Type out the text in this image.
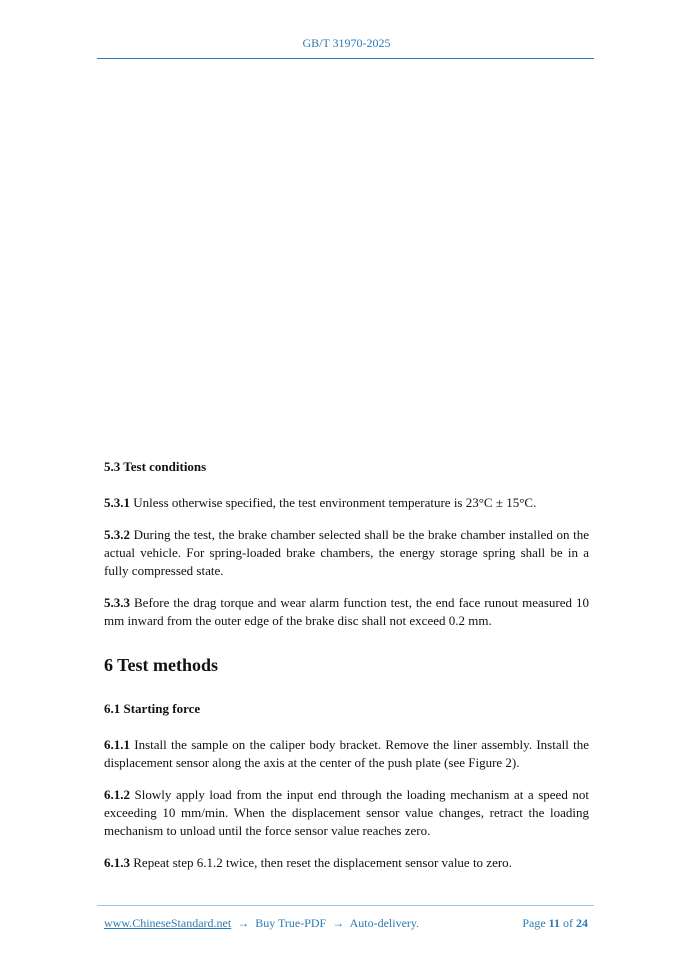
GB/T 31970-2025

5.3 Test conditions

5.3.1 Unless otherwise specified, the test environment temperature is 23°C ± 15°C.

5.3.2 During the test, the brake chamber selected shall be the brake chamber installed on the actual vehicle. For spring-loaded brake chambers, the energy storage spring shall be in a fully compressed state.

5.3.3 Before the drag torque and wear alarm function test, the end face runout measured 10 mm inward from the outer edge of the brake disc shall not exceed 0.2 mm.

6 Test methods

6.1 Starting force

6.1.1 Install the sample on the caliper body bracket. Remove the liner assembly. Install the displacement sensor along the axis at the center of the push plate (see Figure 2).

6.1.2 Slowly apply load from the input end through the loading mechanism at a speed not exceeding 10 mm/min. When the displacement sensor value changes, retract the loading mechanism to unload until the force sensor value reaches zero.

6.1.3 Repeat step 6.1.2 twice, then reset the displacement sensor value to zero.

www.ChineseStandard.net → Buy True-PDF → Auto-delivery.	Page 11 of 24
